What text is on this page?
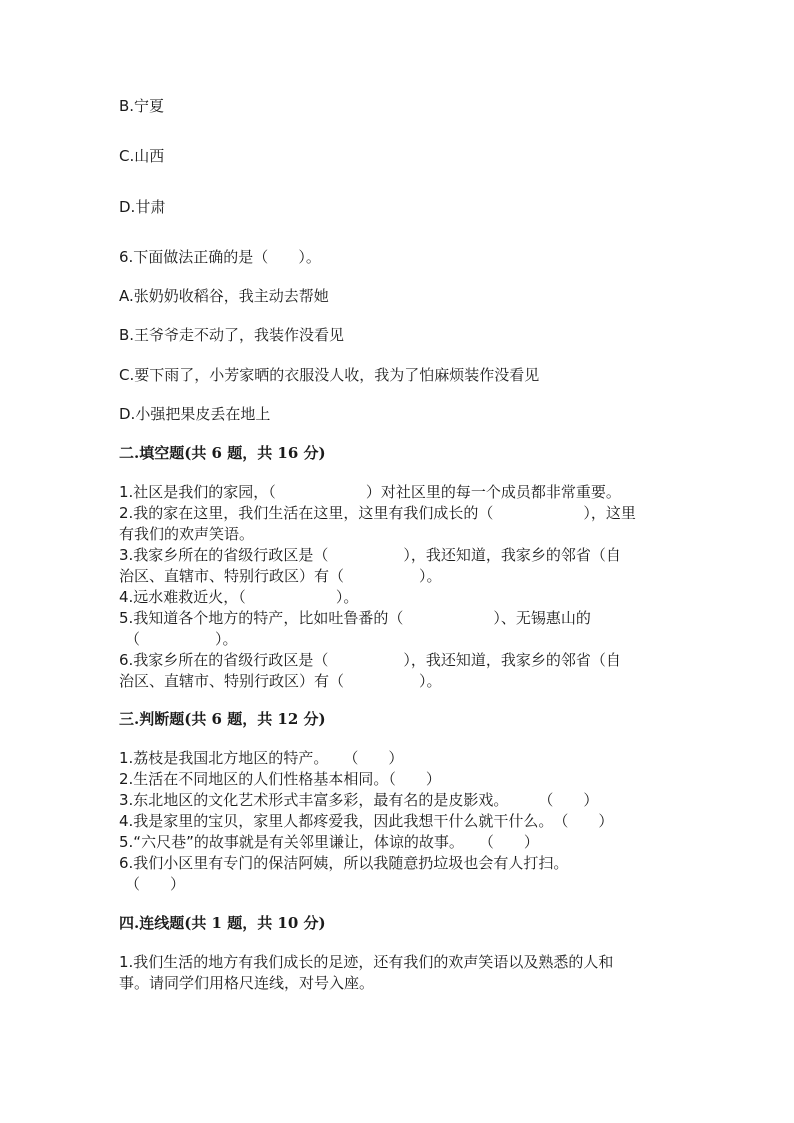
B.宁夏
C.山西
D.甘肃
6.下面做法正确的是（　　）。
A.张奶奶收稻谷，我主动去帮她
B.王爷爷走不动了，我装作没看见
C.要下雨了，小芳家晒的衣服没人收，我为了怕麻烦装作没看见
D.小强把果皮丢在地上
二.填空题(共 6 题，共 16 分)
1.社区是我们的家园，（　　　　　　）对社区里的每一个成员都非常重要。
2.我的家在这里，我们生活在这里，这里有我们成长的（　　　　　　），这里
有我们的欢声笑语。
3.我家乡所在的省级行政区是（　　　　　），我还知道，我家乡的邻省（自
治区、直辖市、特别行政区）有（　　　　　）。
4.远水难救近火，（　　　　　　）。
5.我知道各个地方的特产，比如吐鲁番的（　　　　　　）、无锡惠山的
（　　　　　）。
6.我家乡所在的省级行政区是（　　　　　），我还知道，我家乡的邻省（自
治区、直辖市、特别行政区）有（　　　　　）。
三.判断题(共 6 题，共 12 分)
1.荔枝是我国北方地区的特产。　　（　　）
2.生活在不同地区的人们性格基本相同。（　　）
3.东北地区的文化艺术形式丰富多彩，最有名的是皮影戏。　　　（　　）
4.我是家里的宝贝，家里人都疼爱我，因此我想干什么就干什么。　（　　）
5.“六尺巷”的故事就是有关邻里谦让，体谅的故事。　　（　　）
6.我们小区里有专门的保洁阿姨，所以我随意扔垃圾也会有人打扫。
（　　）
四.连线题(共 1 题，共 10 分)
1.我们生活的地方有我们成长的足迹，还有我们的欢声笑语以及熟悉的人和
事。请同学们用格尺连线，对号入座。
